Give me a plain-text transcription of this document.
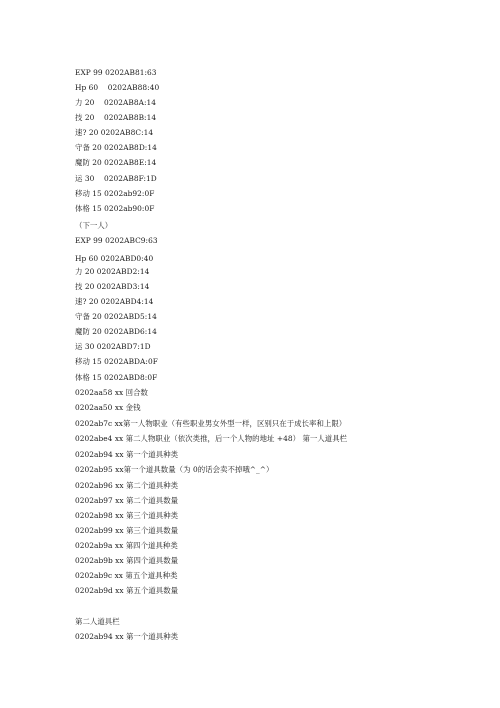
EXP 99 0202AB81:63
Hp 60    0202AB88:40
力 20    0202AB8A:14
技 20    0202AB8B:14
速? 20 0202AB8C:14
守备 20 0202AB8D:14
魔防 20 0202AB8E:14
运 30    0202AB8F:1D
移动 15 0202ab92:0F
体格 15 0202ab90:0F
（下一人）
EXP 99 0202ABC9:63
Hp 60 0202ABD0:40
力 20 0202ABD2:14
技 20 0202ABD3:14
速? 20 0202ABD4:14
守备 20 0202ABD5:14
魔防 20 0202ABD6:14
运 30 0202ABD7:1D
移动 15 0202ABDA:0F
体格 15 0202ABD8:0F
0202aa58 xx 回合数
0202aa50 xx 金钱
0202ab7c xx第一人物职业（有些职业男女外型一样，区别只在于成长率和上限）
0202abe4 xx 第二人物职业（依次类推，后一个人物的地址 +48） 第一人道具栏
0202ab94 xx 第一个道具种类
0202ab95 xx第一个道具数量（为 0的话会卖不掉哦^_^）
0202ab96 xx 第二个道具种类
0202ab97 xx 第二个道具数量
0202ab98 xx 第三个道具种类
0202ab99 xx 第三个道具数量
0202ab9a xx 第四个道具种类
0202ab9b xx 第四个道具数量
0202ab9c xx 第五个道具种类
0202ab9d xx 第五个道具数量
第二人道具栏
0202ab94 xx 第一个道具种类
